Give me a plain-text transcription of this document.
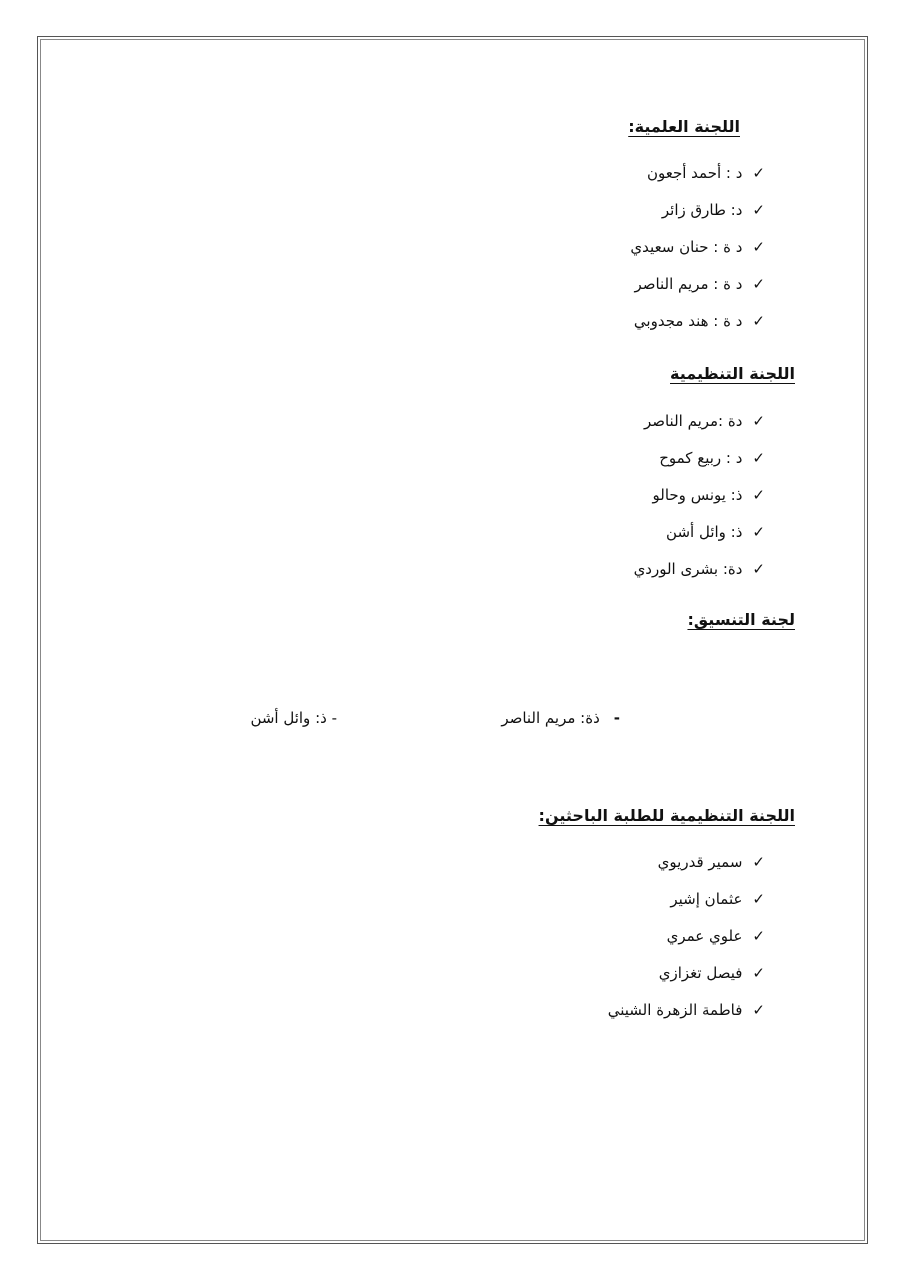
اللجنة العلمية:
✓د : أحمد أجعون
✓د: طارق زائر
✓د ة : حنان سعيدي
✓د ة : مريم الناصر
✓د ة : هند مجدوبي
اللجنة التنظيمية
✓دة :مريم الناصر
✓د : ربيع كموح
✓ذ: يونس وحالو
✓ذ: وائل أشن
✓دة: بشرى الوردي
لجنة التنسيق:
-ذة: مريم الناصر
- ذ: وائل أشن
اللجنة التنظيمية للطلبة الباحثين:
✓سمير قدريوي
✓عثمان إشير
✓علوي عمري
✓فيصل تغزازي
✓فاطمة الزهرة الشيني
